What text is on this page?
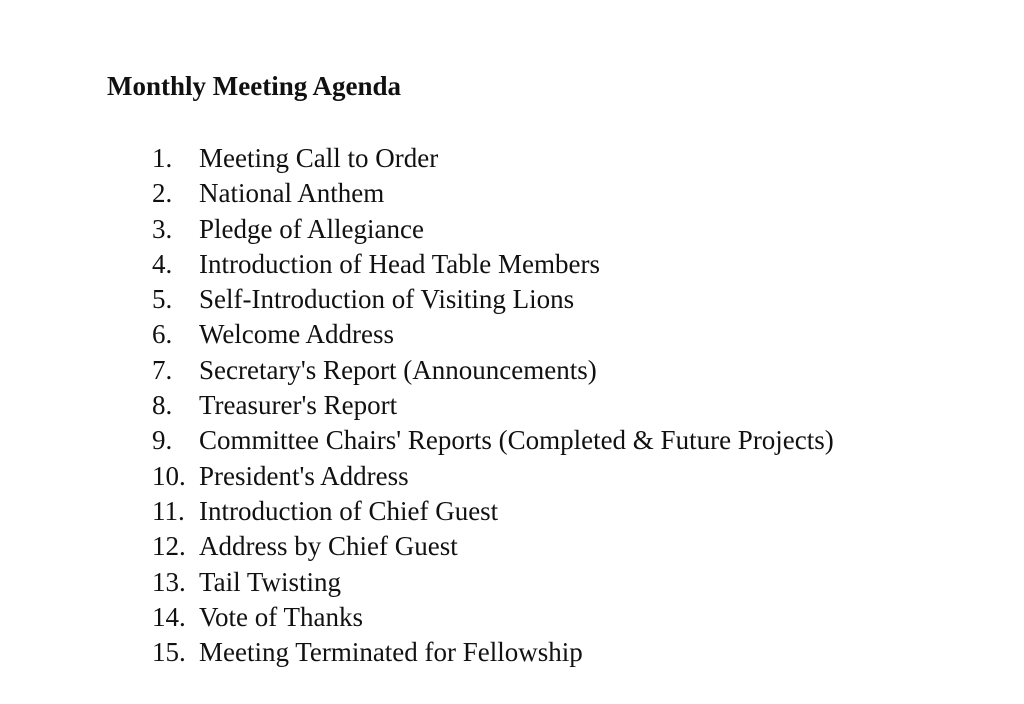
Monthly Meeting Agenda
1. Meeting Call to Order
2. National Anthem
3. Pledge of Allegiance
4. Introduction of Head Table Members
5. Self-Introduction of Visiting Lions
6. Welcome Address
7. Secretary's Report (Announcements)
8. Treasurer's Report
9. Committee Chairs' Reports (Completed & Future Projects)
10. President's Address
11. Introduction of Chief Guest
12. Address by Chief Guest
13. Tail Twisting
14. Vote of Thanks
15. Meeting Terminated for Fellowship
